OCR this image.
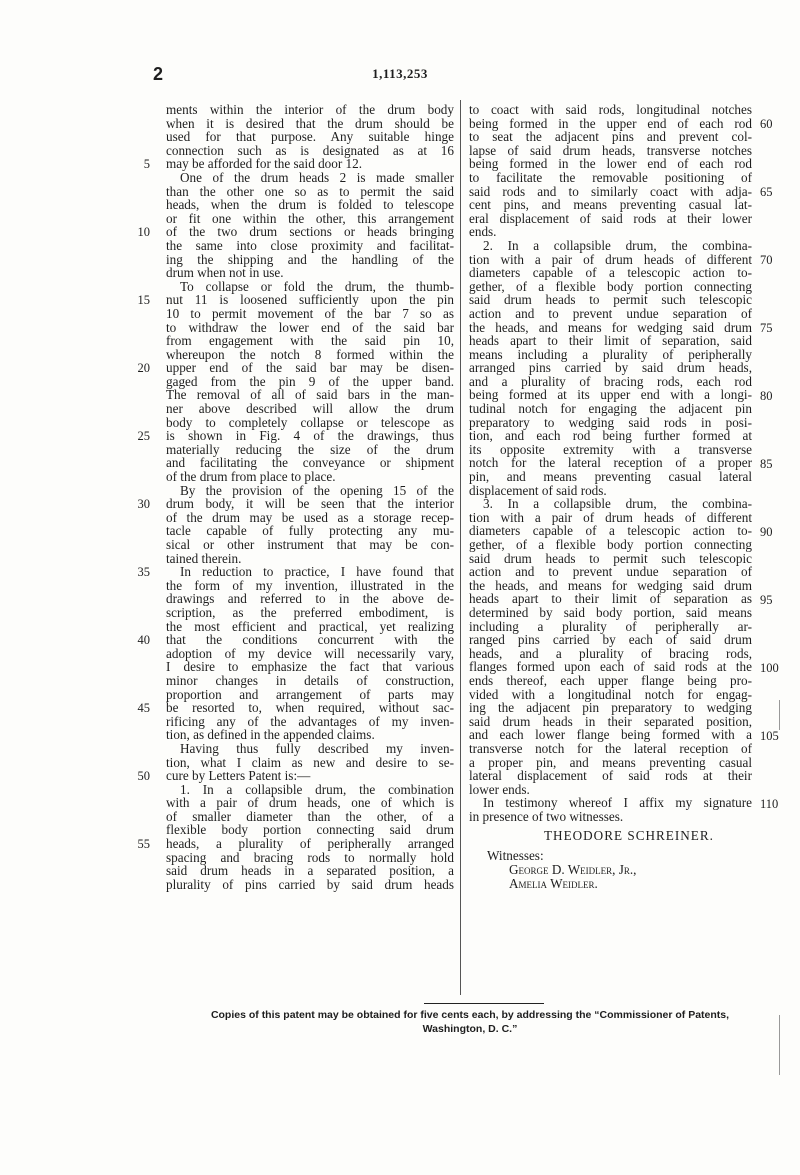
2	1,113,253
ments within the interior of the drum body
when it is desired that the drum should be
used for that purpose. Any suitable hinge
connection such as is designated as at 16
may be afforded for the said door 12.
One of the drum heads 2 is made smaller
than the other one so as to permit the said
heads, when the drum is folded to telescope
or fit one within the other, this arrangement
of the two drum sections or heads bringing
the same into close proximity and facilitat-
ing the shipping and the handling of the
drum when not in use.
To collapse or fold the drum, the thumb-
nut 11 is loosened sufficiently upon the pin
10 to permit movement of the bar 7 so as
to withdraw the lower end of the said bar
from engagement with the said pin 10,
whereupon the notch 8 formed within the
upper end of the said bar may be disen-
gaged from the pin 9 of the upper band.
The removal of all of said bars in the man-
ner above described will allow the drum
body to completely collapse or telescope as
is shown in Fig. 4 of the drawings, thus
materially reducing the size of the drum
and facilitating the conveyance or shipment
of the drum from place to place.
By the provision of the opening 15 of the
drum body, it will be seen that the interior
of the drum may be used as a storage recep-
tacle capable of fully protecting any mu-
sical or other instrument that may be con-
tained therein.
In reduction to practice, I have found that
the form of my invention, illustrated in the
drawings and referred to in the above de-
scription, as the preferred embodiment, is
the most efficient and practical, yet realizing
that the conditions concurrent with the
adoption of my device will necessarily vary,
I desire to emphasize the fact that various
minor changes in details of construction,
proportion and arrangement of parts may
be resorted to, when required, without sac-
rificing any of the advantages of my inven-
tion, as defined in the appended claims.
Having thus fully described my inven-
tion, what I claim as new and desire to se-
cure by Letters Patent is:—
1. In a collapsible drum, the combination
with a pair of drum heads, one of which is
of smaller diameter than the other, of a
flexible body portion connecting said drum
heads, a plurality of peripherally arranged
spacing and bracing rods to normally hold
said drum heads in a separated position, a
plurality of pins carried by said drum heads
to coact with said rods, longitudinal notches
being formed in the upper end of each rod
to seat the adjacent pins and prevent col-
lapse of said drum heads, transverse notches
being formed in the lower end of each rod
to facilitate the removable positioning of
said rods and to similarly coact with adja-
cent pins, and means preventing casual lat-
eral displacement of said rods at their lower
ends.
2. In a collapsible drum, the combina-
tion with a pair of drum heads of different
diameters capable of a telescopic action to-
gether, of a flexible body portion connecting
said drum heads to permit such telescopic
action and to prevent undue separation of
the heads, and means for wedging said drum
heads apart to their limit of separation, said
means including a plurality of peripherally
arranged pins carried by said drum heads,
and a plurality of bracing rods, each rod
being formed at its upper end with a longi-
tudinal notch for engaging the adjacent pin
preparatory to wedging said rods in posi-
tion, and each rod being further formed at
its opposite extremity with a transverse
notch for the lateral reception of a proper
pin, and means preventing casual lateral
displacement of said rods.
3. In a collapsible drum, the combina-
tion with a pair of drum heads of different
diameters capable of a telescopic action to-
gether, of a flexible body portion connecting
said drum heads to permit such telescopic
action and to prevent undue separation of
the heads, and means for wedging said drum
heads apart to their limit of separation as
determined by said body portion, said means
including a plurality of peripherally ar-
ranged pins carried by each of said drum
heads, and a plurality of bracing rods,
flanges formed upon each of said rods at the
ends thereof, each upper flange being pro-
vided with a longitudinal notch for engag-
ing the adjacent pin preparatory to wedging
said drum heads in their separated position,
and each lower flange being formed with a
transverse notch for the lateral reception of
a proper pin, and means preventing casual
lateral displacement of said rods at their
lower ends.
In testimony whereof I affix my signature
in presence of two witnesses.
THEODORE SCHREINER.
Witnesses:
George D. Weidler, Jr.,
Amelia Weidler.
Copies of this patent may be obtained for five cents each, by addressing the “Commissioner of Patents,
Washington, D. C.”
5
10
15
20
25
30
35
40
45
50
55
60
65
70
75
80
85
90
95
100
105
110
